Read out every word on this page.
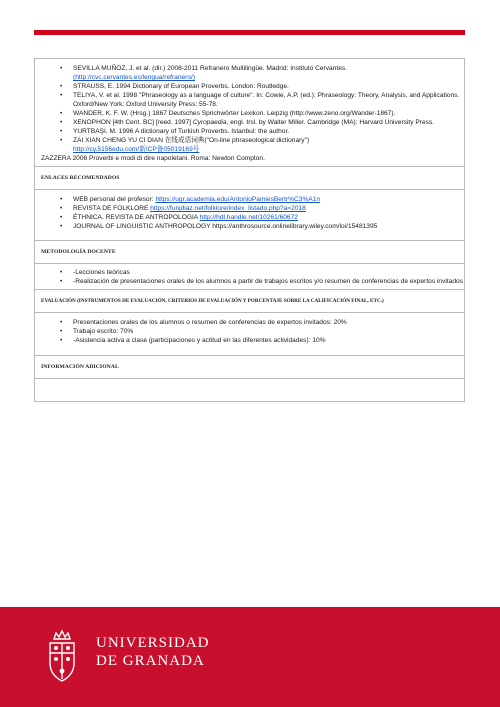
• SEVILLA MUÑOZ, J. et al. (dir.) 2008-2011 Refranero Multilingüe. Madrid: Instituto Cervantes.
(http://cvc.cervantes.es/lengua/refranero/)
• STRAUSS, E. 1994 Dictionary of European Proverbs. London: Routledge.
• TELIYA, V. et al. 1998 "Phraseology as a language of culture". In: Cowie, A.P. (ed.): Phraseology: Theory, Analysis, and Applications. Oxford/New York: Oxford University Press: 55-78.
• WANDER, K. F. W. (Hrsg.) 1867 Deutsches Sprichwörter Lexikon. Leipzig (http://www.zeno.org/Wander-1867).
• XENOPHON [4th Cent. BC] [reed. 1997] Cyropaedia, engl. trsl. by Walter Miller. Cambridge (MA): Harvard University Press.
• YURTBAŞI, M. 1996 A dictionary of Turkish Proverbs. Istanbul: the author.
• ZAI XIAN CHENG YU CI DIAN 在线成语词典("On-line phraseological dictionary")
http://cy.5156edu.com/新ICP备05019169号
ZAZZERA 2006 Proverbi e modi di dire napoletani. Roma: Newton Compton.
ENLACES RECOMENDADOS
• WEB personal del profesor: https://ugr.academia.edu/AntonioPamiesBertr%C3%A1n
• REVISTA DE FOLKLORE https://funjdiaz.net/folklore/index_listado.php?a=2018
• ÉTHNICA. REVISTA DE ANTROPOLOGIA http://hdl.handle.net/10261/60672
• JOURNAL OF LINGUISTIC ANTHROPOLOGY https://anthrosource.onlinelibrary.wiley.com/loi/15481395
METODOLOGÍA DOCENTE
• -Lecciones teóricas
• -Realización de presentaciones orales de los alumnos a partir de trabajos escritos y/o resumen de conferencias de expertos invitados
EVALUACIÓN (INSTRUMENTOS DE EVALUACIÓN, CRITERIOS DE EVALUACIÓN Y PORCENTAJE SOBRE LA CALIFICACIÓN FINAL, ETC.)
• Presentaciones orales de los alumnos o resumen de conferencias de expertos invitados: 20%
• Trabajo escrito: 70%
• -Asistencia activa a clase (participaciones y actitud en las diferentes actividades): 10%
INFORMACIÓN ADICIONAL
UNIVERSIDAD
DE GRANADA
